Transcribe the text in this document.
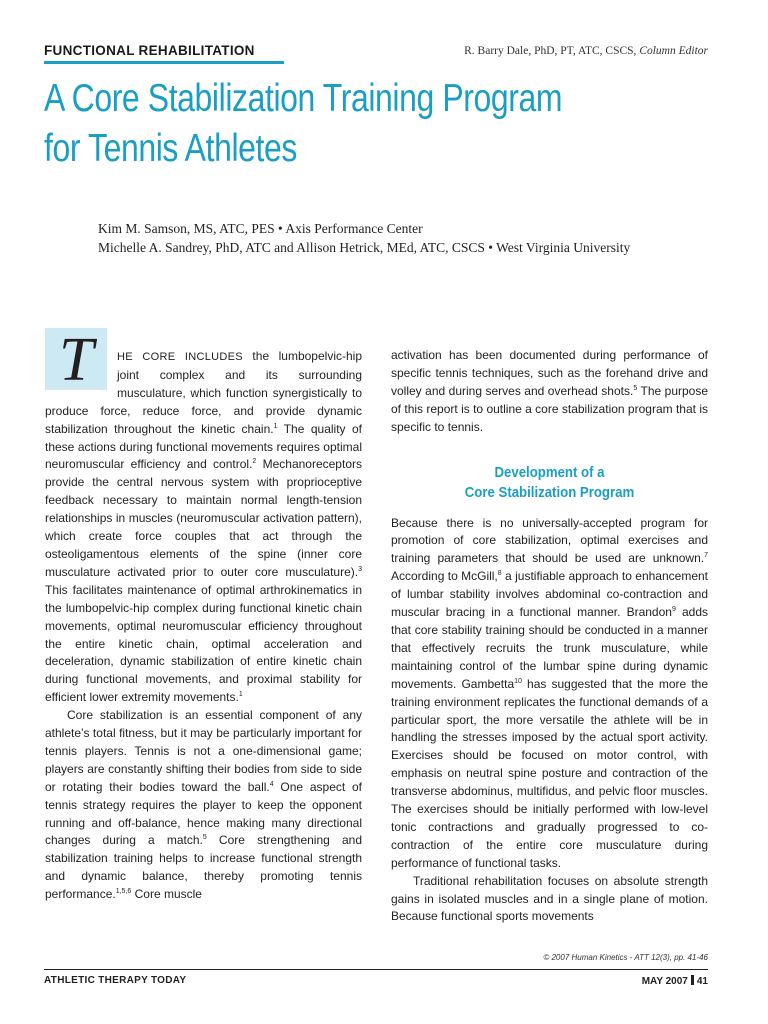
FUNCTIONAL REHABILITATION	R. Barry Dale, PhD, PT, ATC, CSCS, Column Editor
A Core Stabilization Training Program
for Tennis Athletes
Kim M. Samson, MS, ATC, PES • Axis Performance Center
Michelle A. Sandrey, PhD, ATC and Allison Hetrick, MEd, ATC, CSCS • West Virginia University

T HE CORE INCLUDES the lumbopelvic-hip joint complex and its surrounding musculature, which function synergistically to produce force, reduce force, and provide dynamic stabilization throughout the kinetic chain.$^1$ The quality of these actions during functional movements requires optimal neuromuscular efficiency and control.$^2$ Mechanoreceptors provide the central nervous system with proprioceptive feedback necessary to maintain normal length-tension relationships in muscles (neuromuscular activation pattern), which create force couples that act through the osteoligamentous elements of the spine (inner core musculature activated prior to outer core musculature).$^3$ This facilitates maintenance of optimal arthrokinematics in the lumbopelvic-hip complex during functional kinetic chain movements, optimal neuromuscular efficiency throughout the entire kinetic chain, optimal acceleration and deceleration, dynamic stabilization of entire kinetic chain during functional movements, and proximal stability for efficient lower extremity movements.$^1$

Core stabilization is an essential component of any athlete’s total fitness, but it may be particularly important for tennis players. Tennis is not a one-dimensional game; players are constantly shifting their bodies from side to side or rotating their bodies toward the ball.$^4$ One aspect of tennis strategy requires the player to keep the opponent running and off-balance, hence making many directional changes during a match.$^5$ Core strengthening and stabilization training helps to increase functional strength and dynamic balance, thereby promoting tennis performance.$^{1,5,6}$ Core muscle

activation has been documented during performance of specific tennis techniques, such as the forehand drive and volley and during serves and overhead shots.$^5$ The purpose of this report is to outline a core stabilization program that is specific to tennis.

Development of a
Core Stabilization Program

Because there is no universally-accepted program for promotion of core stabilization, optimal exercises and training parameters that should be used are unknown.$^7$ According to McGill,$^8$ a justifiable approach to enhancement of lumbar stability involves abdominal co-contraction and muscular bracing in a functional manner. Brandon$^9$ adds that core stability training should be conducted in a manner that effectively recruits the trunk musculature, while maintaining control of the lumbar spine during dynamic movements. Gambetta$^{10}$ has suggested that the more the training environment replicates the functional demands of a particular sport, the more versatile the athlete will be in handling the stresses imposed by the actual sport activity. Exercises should be focused on motor control, with emphasis on neutral spine posture and contraction of the transverse abdominus, multifidus, and pelvic floor muscles. The exercises should be initially performed with low-level tonic contractions and gradually progressed to co-contraction of the entire core musculature during performance of functional tasks.

Traditional rehabilitation focuses on absolute strength gains in isolated muscles and in a single plane of motion. Because functional sports movements

© 2007 Human Kinetics - ATT 12(3), pp. 41-46
ATHLETIC THERAPY TODAY	MAY 2007 41
